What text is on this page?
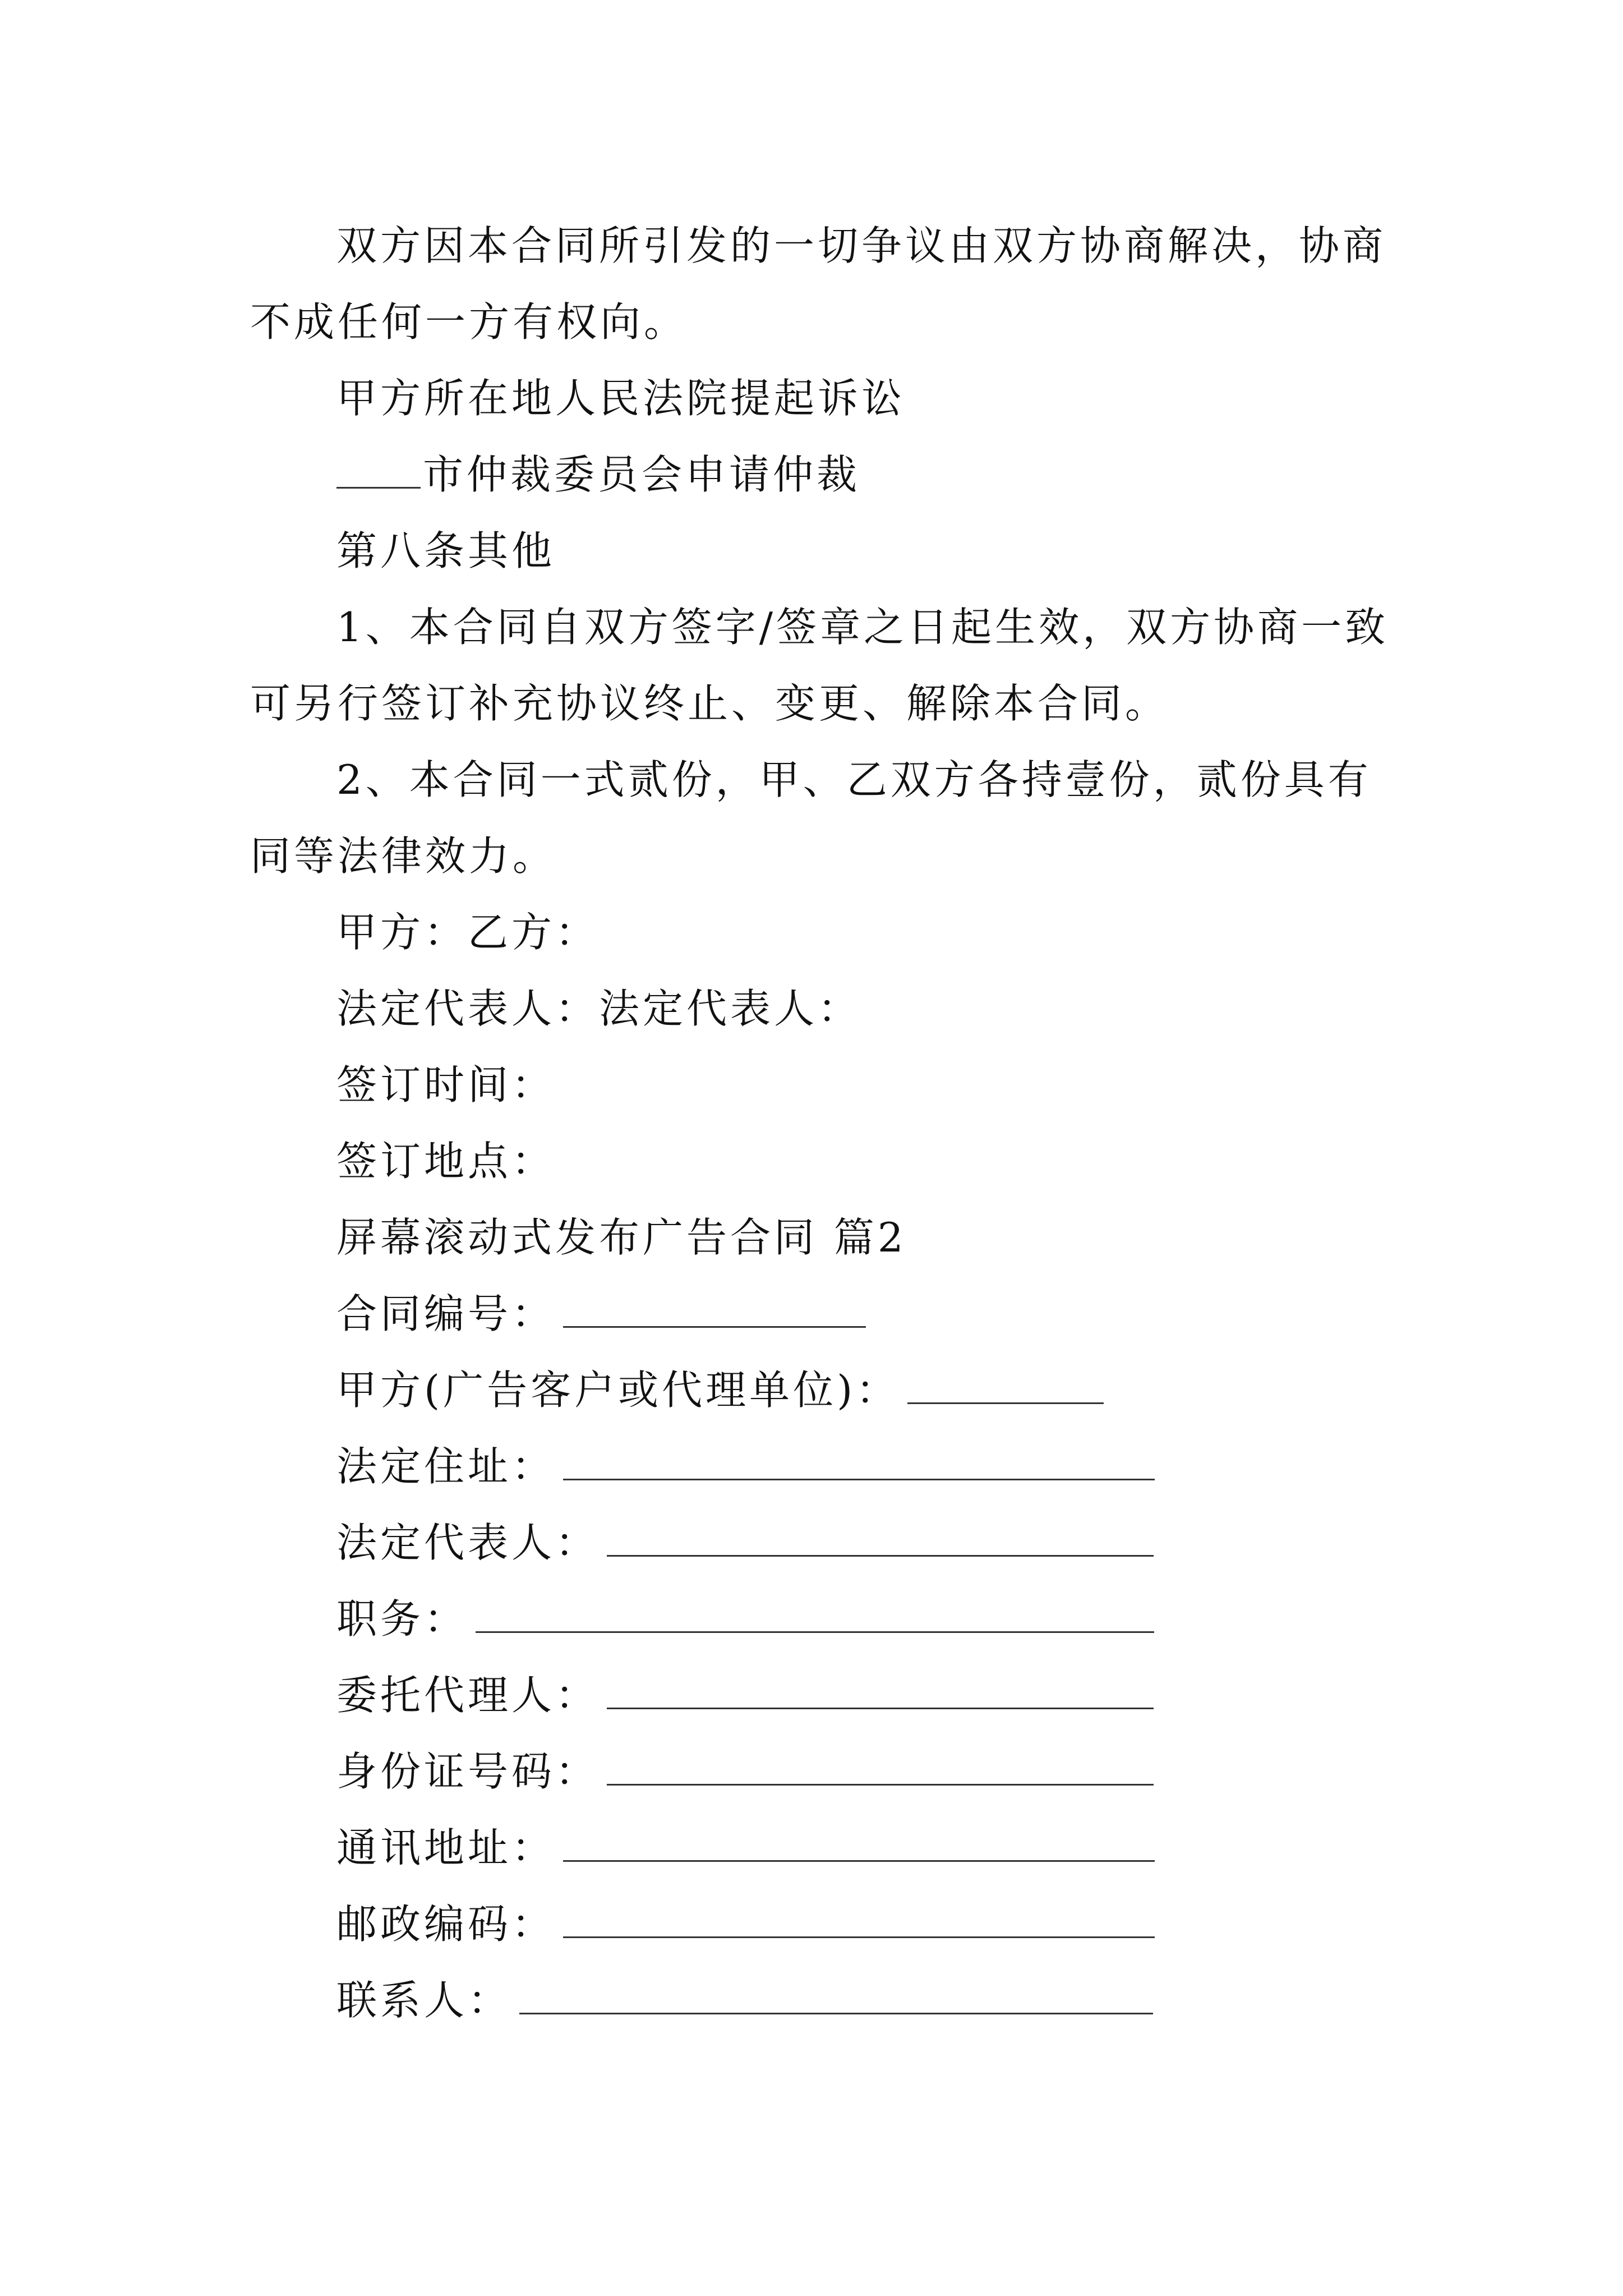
双方因本合同所引发的一切争议由双方协商解决，协商
不成任何一方有权向。
甲方所在地人民法院提起诉讼
市仲裁委员会申请仲裁
第八条其他
1、本合同自双方签字/签章之日起生效，双方协商一致
可另行签订补充协议终止、变更、解除本合同。
2、本合同一式贰份，甲、乙双方各持壹份，贰份具有
同等法律效力。
甲方：乙方：
法定代表人：法定代表人：
签订时间：
签订地点：
屏幕滚动式发布广告合同 篇2
合同编号：
甲方(广告客户或代理单位)：
法定住址：
法定代表人：
职务：
委托代理人：
身份证号码：
通讯地址：
邮政编码：
联系人：
